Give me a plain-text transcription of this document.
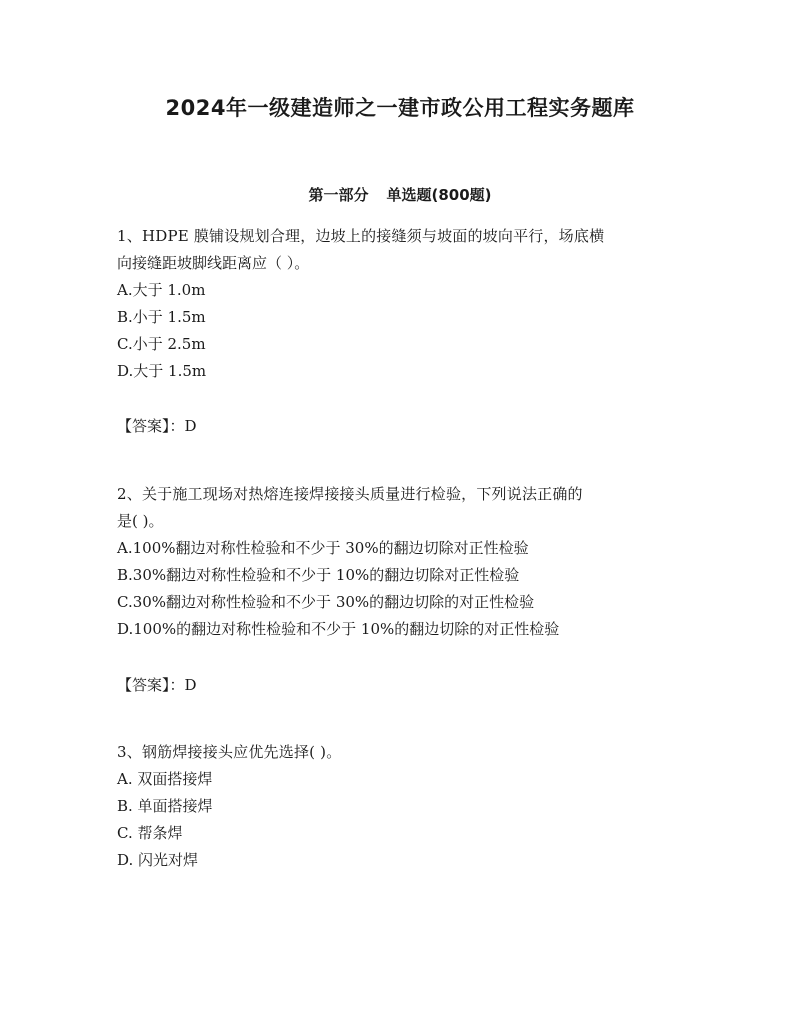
2024年一级建造师之一建市政公用工程实务题库
第一部分 单选题(800题)
1、HDPE 膜铺设规划合理，边坡上的接缝须与坡面的坡向平行，场底横
向接缝距坡脚线距离应（ ）。
A.大于 1.0m
B.小于 1.5m
C.小于 2.5m
D.大于 1.5m
【答案】：D
2、关于施工现场对热熔连接焊接接头质量进行检验，下列说法正确的
是( )。
A.100%翻边对称性检验和不少于 30%的翻边切除对正性检验
B.30%翻边对称性检验和不少于 10%的翻边切除对正性检验
C.30%翻边对称性检验和不少于 30%的翻边切除的对正性检验
D.100%的翻边对称性检验和不少于 10%的翻边切除的对正性检验
【答案】：D
3、钢筋焊接接头应优先选择( )。
A. 双面搭接焊
B. 单面搭接焊
C. 帮条焊
D. 闪光对焊
